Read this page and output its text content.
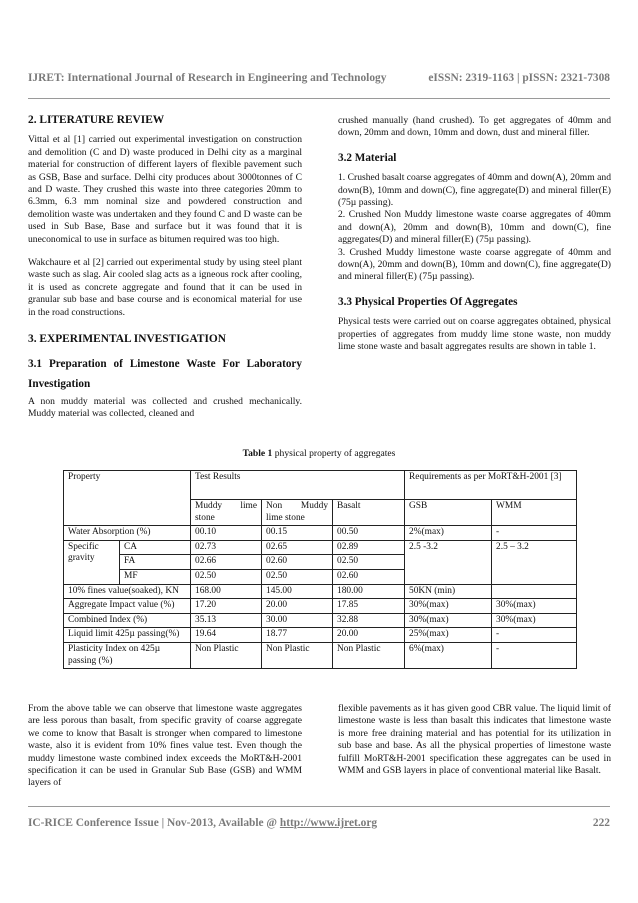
IJRET: International Journal of Research in Engineering and Technology	eISSN: 2319-1163 | pISSN: 2321-7308

2. LITERATURE REVIEW

Vittal et al [1] carried out experimental investigation on construction and demolition (C and D) waste produced in Delhi city as a marginal material for construction of different layers of flexible pavement such as GSB, Base and surface. Delhi city produces about 3000tonnes of C and D waste. They crushed this waste into three categories 20mm to 6.3mm, 6.3 mm nominal size and powdered construction and demolition waste was undertaken and they found C and D waste can be used in Sub Base, Base and surface but it was found that it is uneconomical to use in surface as bitumen required was too high.

Wakchaure et al [2] carried out experimental study by using steel plant waste such as slag. Air cooled slag acts as a igneous rock after cooling, it is used as concrete aggregate and found that it can be used in granular sub base and base course and is economical material for use in the road constructions.

3. EXPERIMENTAL INVESTIGATION

3.1 Preparation of Limestone Waste For Laboratory Investigation

A non muddy material was collected and crushed mechanically. Muddy material was collected, cleaned and

crushed manually (hand crushed). To get aggregates of 40mm and down, 20mm and down, 10mm and down, dust and mineral filler.

3.2 Material

1. Crushed basalt coarse aggregates of 40mm and down(A), 20mm and down(B), 10mm and down(C), fine aggregate(D) and mineral filler(E) (75µ passing).

2. Crushed Non Muddy limestone waste coarse aggregates of 40mm and down(A), 20mm and down(B), 10mm and down(C), fine aggregates(D) and mineral filler(E) (75µ passing).

3. Crushed Muddy limestone waste coarse aggregate of 40mm and down(A), 20mm and down(B), 10mm and down(C), fine aggregate(D) and mineral filler(E) (75µ passing).

3.3 Physical Properties Of Aggregates

Physical tests were carried out on coarse aggregates obtained, physical properties of aggregates from muddy lime stone waste, non muddy lime stone waste and basalt aggregates results are shown in table 1.

Table 1 physical property of aggregates
Property		Test Results			Requirements as per MoRT&H-2001 [3]	
		Muddy lime stone	Non Muddy lime stone	Basalt	GSB	WMM
Water Absorption (%)		00.10	00.15	00.50	2%(max)	-
Specific gravity	CA	02.73	02.65	02.89	2.5 -3.2	2.5 – 3.2
	FA	02.66	02.60	02.50		
	MF	02.50	02.50	02.60		
10% fines value(soaked), KN		168.00	145.00	180.00	50KN (min)	
Aggregate Impact value (%)		17.20	20.00	17.85	30%(max)	30%(max)
Combined Index (%)		35.13	30.00	32.88	30%(max)	30%(max)
Liquid limit 425µ passing(%)		19.64	18.77	20.00	25%(max)	-
Plasticity Index on 425µ passing (%)		Non Plastic	Non Plastic	Non Plastic	6%(max)	-

From the above table we can observe that limestone waste aggregates are less porous than basalt, from specific gravity of coarse aggregate we come to know that Basalt is stronger when compared to limestone waste, also it is evident from 10% fines value test. Even though the muddy limestone waste combined index exceeds the MoRT&H-2001 specification it can be used in Granular Sub Base (GSB) and WMM layers of

flexible pavements as it has given good CBR value. The liquid limit of limestone waste is less than basalt this indicates that limestone waste is more free draining material and has potential for its utilization in sub base and base. As all the physical properties of limestone waste fulfill MoRT&H-2001 specification these aggregates can be used in WMM and GSB layers in place of conventional material like Basalt.

IC-RICE Conference Issue | Nov-2013, Available @ http://www.ijret.org	222
